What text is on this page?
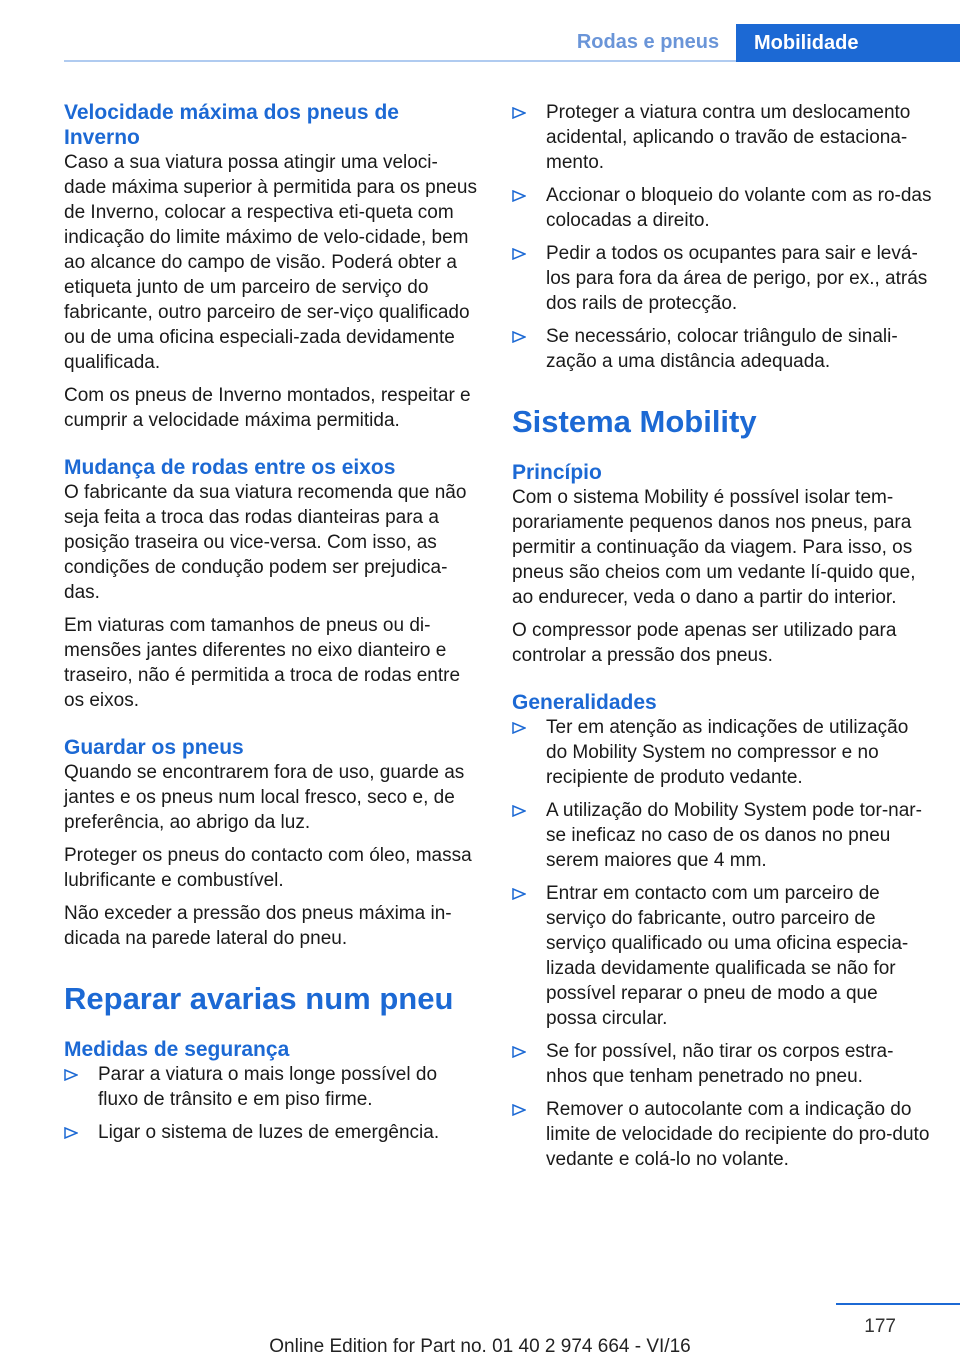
Rodas e pneus	Mobilidade
Velocidade máxima dos pneus de Inverno

Caso a sua viatura possa atingir uma veloci-dade máxima superior à permitida para os pneus de Inverno, colocar a respectiva eti-queta com indicação do limite máximo de velo-cidade, bem ao alcance do campo de visão. Poderá obter a etiqueta junto de um parceiro de serviço do fabricante, outro parceiro de ser-viço qualificado ou de uma oficina especiali-zada devidamente qualificada.

Com os pneus de Inverno montados, respeitar e cumprir a velocidade máxima permitida.

Mudança de rodas entre os eixos

O fabricante da sua viatura recomenda que não seja feita a troca das rodas dianteiras para a posição traseira ou vice-versa. Com isso, as condições de condução podem ser prejudica-das.

Em viaturas com tamanhos de pneus ou di-mensões jantes diferentes no eixo dianteiro e traseiro, não é permitida a troca de rodas entre os eixos.

Guardar os pneus

Quando se encontrarem fora de uso, guarde as jantes e os pneus num local fresco, seco e, de preferência, ao abrigo da luz.

Proteger os pneus do contacto com óleo, massa lubrificante e combustível.

Não exceder a pressão dos pneus máxima in-dicada na parede lateral do pneu.

Reparar avarias num pneu
Medidas de segurança
Parar a viatura o mais longe possível do fluxo de trânsito e em piso firme.
Ligar o sistema de luzes de emergência.
Proteger a viatura contra um deslocamento acidental, aplicando o travão de estaciona-mento.
Accionar o bloqueio do volante com as ro-das colocadas a direito.
Pedir a todos os ocupantes para sair e levá-los para fora da área de perigo, por ex., atrás dos rails de protecção.
Se necessário, colocar triângulo de sinali-zação a uma distância adequada.
Sistema Mobility
Princípio

Com o sistema Mobility é possível isolar tem-porariamente pequenos danos nos pneus, para permitir a continuação da viagem. Para isso, os pneus são cheios com um vedante lí-quido que, ao endurecer, veda o dano a partir do interior.

O compressor pode apenas ser utilizado para controlar a pressão dos pneus.

Generalidades
Ter em atenção as indicações de utilização do Mobility System no compressor e no recipiente de produto vedante.
A utilização do Mobility System pode tor-nar-se ineficaz no caso de os danos no pneu serem maiores que 4 mm.
Entrar em contacto com um parceiro de serviço do fabricante, outro parceiro de serviço qualificado ou uma oficina especia-lizada devidamente qualificada se não for possível reparar o pneu de modo a que possa circular.
Se for possível, não tirar os corpos estra-nhos que tenham penetrado no pneu.
Remover o autocolante com a indicação do limite de velocidade do recipiente do pro-duto vedante e colá-lo no volante.
177
Online Edition for Part no. 01 40 2 974 664 - VI/16
